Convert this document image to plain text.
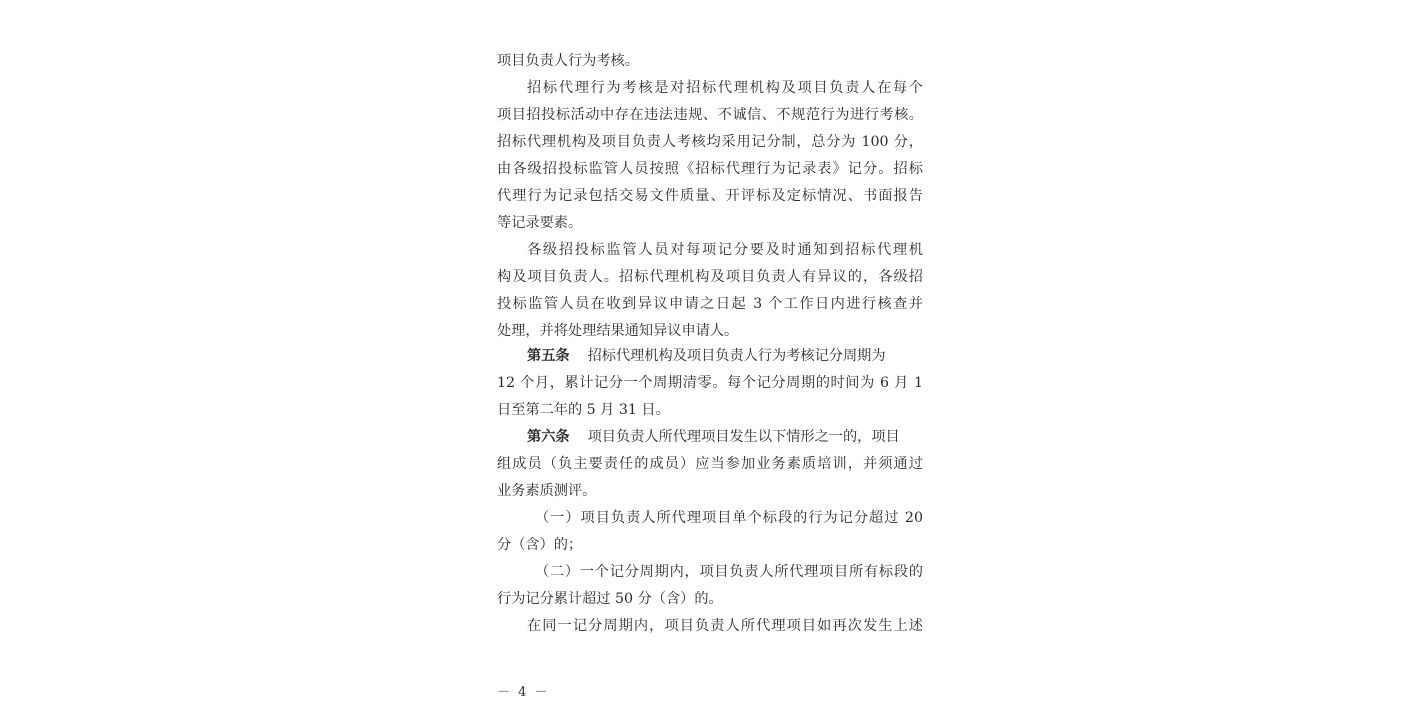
项目负责人行为考核。
招标代理行为考核是对招标代理机构及项目负责人在每个
项目招投标活动中存在违法违规、不诚信、不规范行为进行考核。
招标代理机构及项目负责人考核均采用记分制，总分为 100 分，
由各级招投标监管人员按照《招标代理行为记录表》记分。招标
代理行为记录包括交易文件质量、开评标及定标情况、书面报告
等记录要素。
各级招投标监管人员对每项记分要及时通知到招标代理机
构及项目负责人。招标代理机构及项目负责人有异议的，各级招
投标监管人员在收到异议申请之日起 3 个工作日内进行核查并
处理，并将处理结果通知异议申请人。
第五条 招标代理机构及项目负责人行为考核记分周期为
12 个月，累计记分一个周期清零。每个记分周期的时间为 6 月 1
日至第二年的 5 月 31 日。
第六条 项目负责人所代理项目发生以下情形之一的，项目
组成员（负主要责任的成员）应当参加业务素质培训，并须通过
业务素质测评。
（一）项目负责人所代理项目单个标段的行为记分超过 20
分（含）的；
（二）一个记分周期内，项目负责人所代理项目所有标段的
行为记分累计超过 50 分（含）的。
在同一记分周期内，项目负责人所代理项目如再次发生上述
－ 4 －
